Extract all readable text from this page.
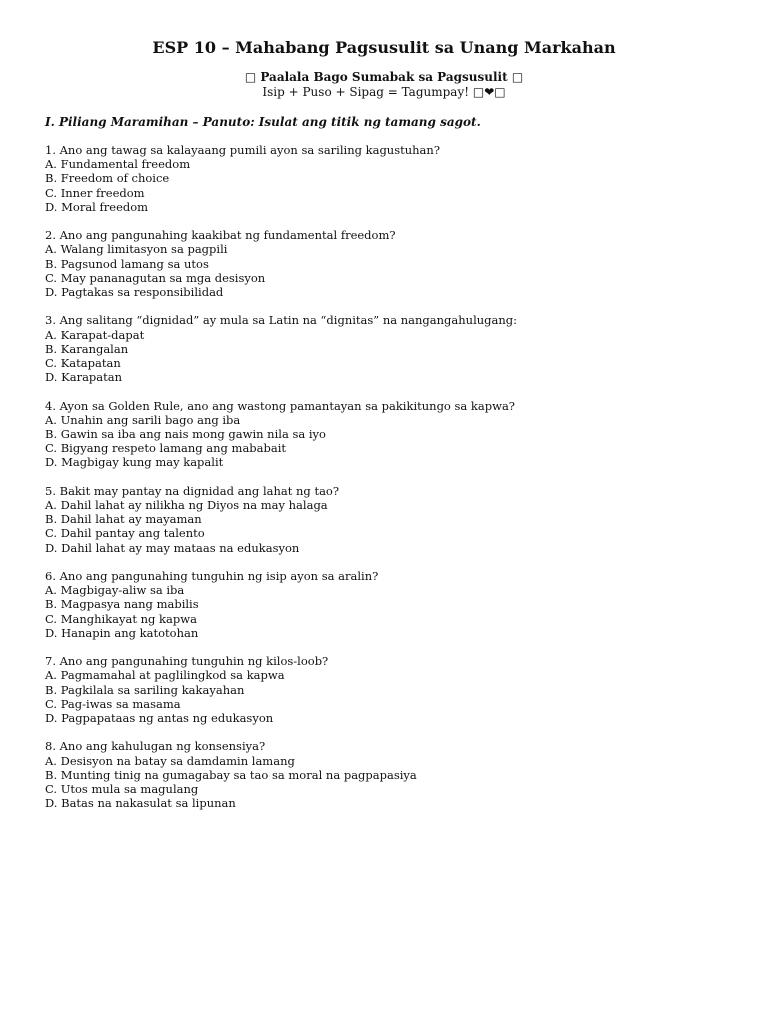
ESP 10 – Mahabang Pagsusulit sa Unang Markahan
□ Paalala Bago Sumabak sa Pagsusulit □
Isip + Puso + Sipag = Tagumpay! □❤□
I. Piliang Maramihan – Panuto: Isulat ang titik ng tamang sagot.
1. Ano ang tawag sa kalayaang pumili ayon sa sariling kagustuhan?
A. Fundamental freedom
B. Freedom of choice
C. Inner freedom
D. Moral freedom
2. Ano ang pangunahing kaakibat ng fundamental freedom?
A. Walang limitasyon sa pagpili
B. Pagsunod lamang sa utos
C. May pananagutan sa mga desisyon
D. Pagtakas sa responsibilidad
3. Ang salitang “dignidad” ay mula sa Latin na “dignitas” na nangangahulugang:
A. Karapat-dapat
B. Karangalan
C. Katapatan
D. Karapatan
4. Ayon sa Golden Rule, ano ang wastong pamantayan sa pakikitungo sa kapwa?
A. Unahin ang sarili bago ang iba
B. Gawin sa iba ang nais mong gawin nila sa iyo
C. Bigyang respeto lamang ang mababait
D. Magbigay kung may kapalit
5. Bakit may pantay na dignidad ang lahat ng tao?
A. Dahil lahat ay nilikha ng Diyos na may halaga
B. Dahil lahat ay mayaman
C. Dahil pantay ang talento
D. Dahil lahat ay may mataas na edukasyon
6. Ano ang pangunahing tunguhin ng isip ayon sa aralin?
A. Magbigay-aliw sa iba
B. Magpasya nang mabilis
C. Manghikayat ng kapwa
D. Hanapin ang katotohan
7. Ano ang pangunahing tunguhin ng kilos-loob?
A. Pagmamahal at paglilingkod sa kapwa
B. Pagkilala sa sariling kakayahan
C. Pag-iwas sa masama
D. Pagpapataas ng antas ng edukasyon
8. Ano ang kahulugan ng konsensiya?
A. Desisyon na batay sa damdamin lamang
B. Munting tinig na gumagabay sa tao sa moral na pagpapasiya
C. Utos mula sa magulang
D. Batas na nakasulat sa lipunan
